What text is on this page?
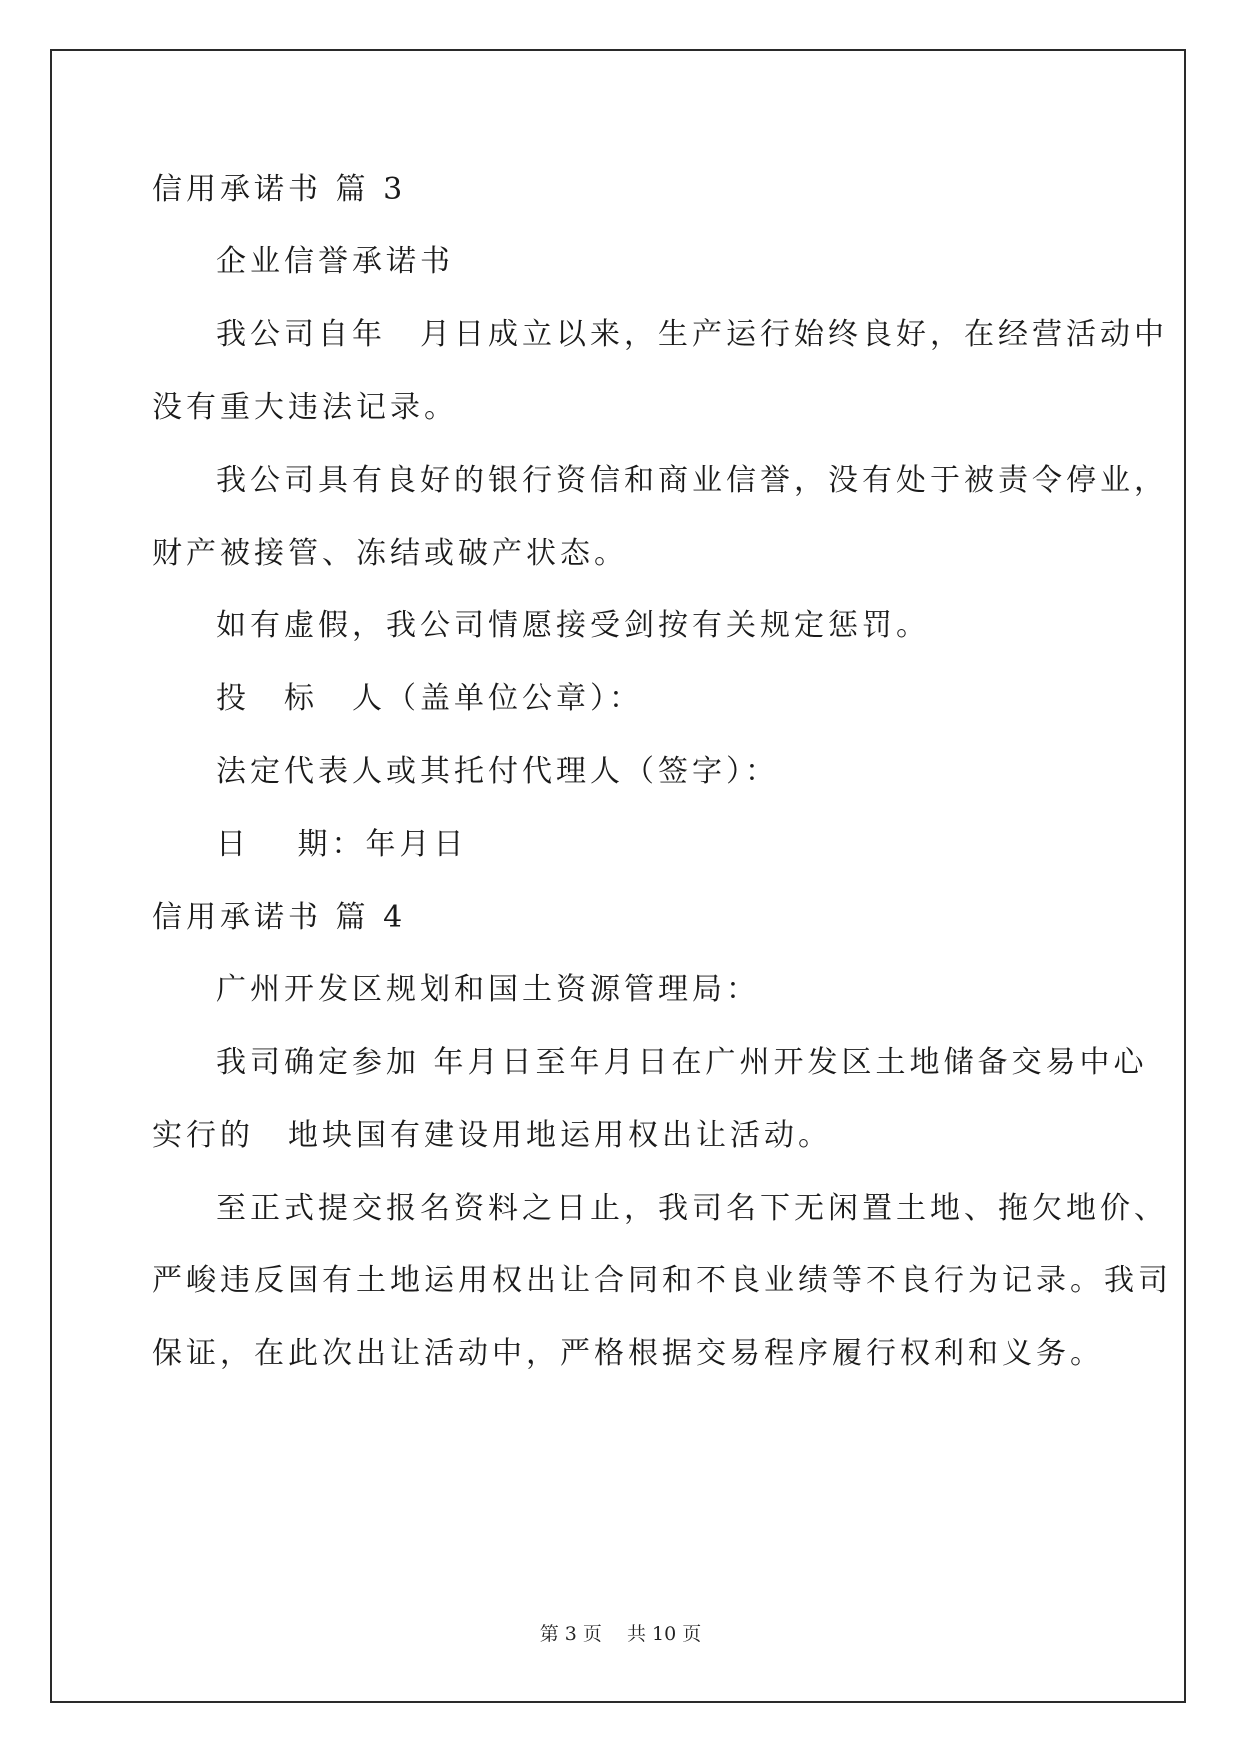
信用承诺书 篇 3
企业信誉承诺书
我公司自年　月日成立以来，生产运行始终良好，在经营活动中
没有重大违法记录。
我公司具有良好的银行资信和商业信誉，没有处于被责令停业，
财产被接管、冻结或破产状态。
如有虚假，我公司情愿接受剑按有关规定惩罚。
投　标　人（盖单位公章）：
法定代表人或其托付代理人（签字）：
日　 期：年月日
信用承诺书 篇 4
广州开发区规划和国土资源管理局：
我司确定参加 年月日至年月日在广州开发区土地储备交易中心
实行的　地块国有建设用地运用权出让活动。
至正式提交报名资料之日止，我司名下无闲置土地、拖欠地价、
严峻违反国有土地运用权出让合同和不良业绩等不良行为记录。我司
保证，在此次出让活动中，严格根据交易程序履行权利和义务。
第 3 页　 共 10 页
